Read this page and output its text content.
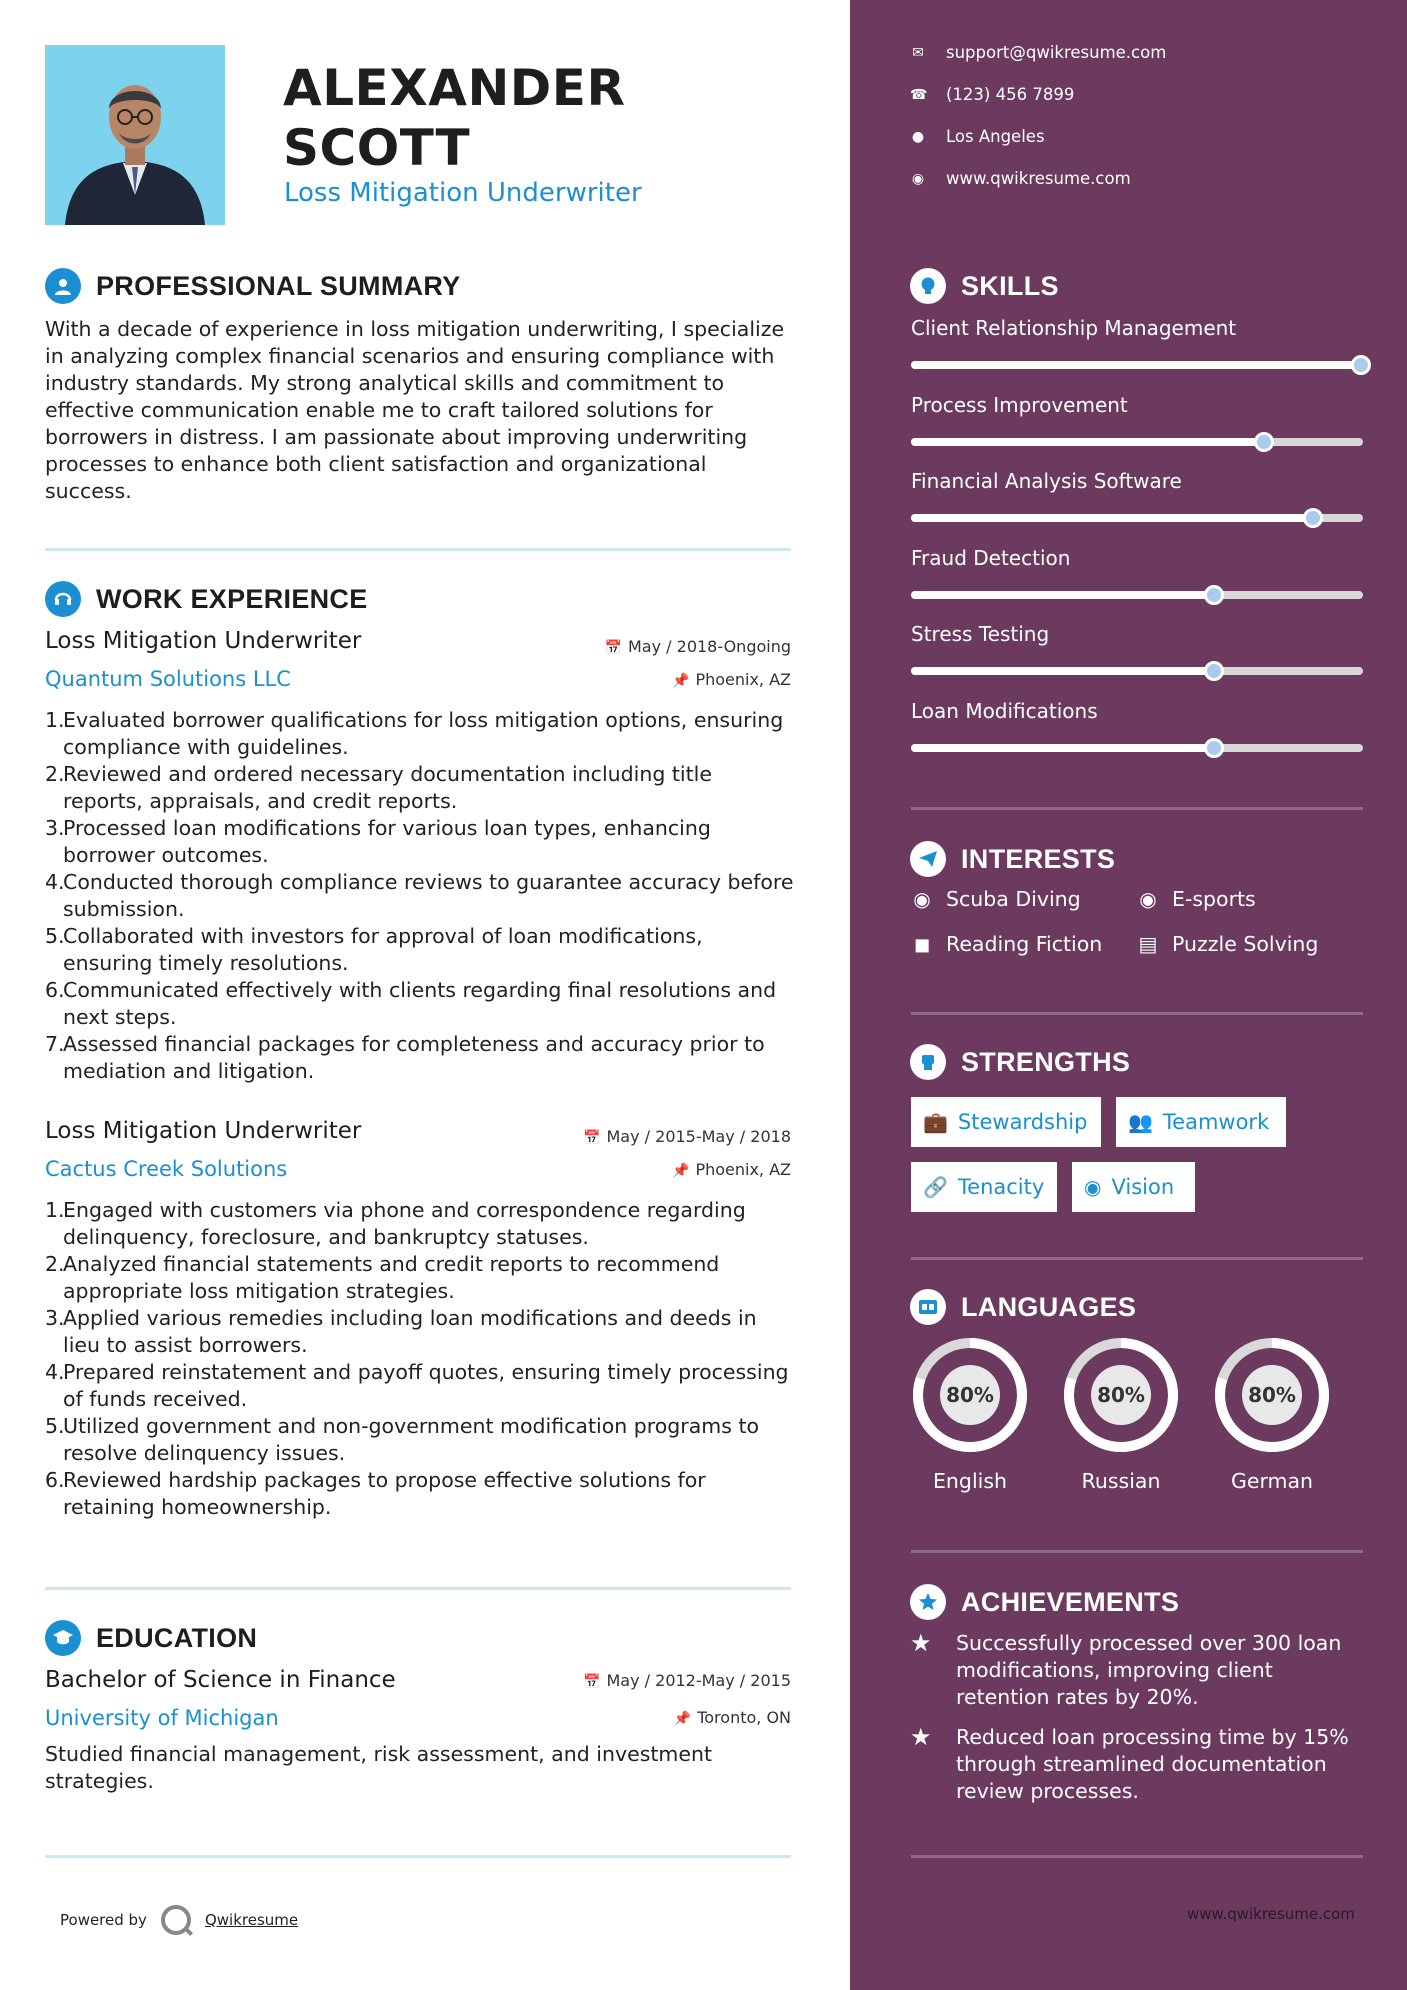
ALEXANDER
SCOTT
Loss Mitigation Underwriter
PROFESSIONAL SUMMARY
With a decade of experience in loss mitigation underwriting, I specialize in analyzing complex financial scenarios and ensuring compliance with industry standards. My strong analytical skills and commitment to effective communication enable me to craft tailored solutions for borrowers in distress. I am passionate about improving underwriting processes to enhance both client satisfaction and organizational success.
WORK EXPERIENCE
Loss Mitigation Underwriter	📅 May / 2018-Ongoing
Quantum Solutions LLC	📌 Phoenix, AZ
1.
Evaluated borrower qualifications for loss mitigation options, ensuring compliance with guidelines.
2.
Reviewed and ordered necessary documentation including title reports, appraisals, and credit reports.
3.
Processed loan modifications for various loan types, enhancing borrower outcomes.
4.
Conducted thorough compliance reviews to guarantee accuracy before submission.
5.
Collaborated with investors for approval of loan modifications, ensuring timely resolutions.
6.
Communicated effectively with clients regarding final resolutions and next steps.
7.
Assessed financial packages for completeness and accuracy prior to mediation and litigation.
Loss Mitigation Underwriter	📅 May / 2015-May / 2018
Cactus Creek Solutions	📌 Phoenix, AZ
1.
Engaged with customers via phone and correspondence regarding delinquency, foreclosure, and bankruptcy statuses.
2.
Analyzed financial statements and credit reports to recommend appropriate loss mitigation strategies.
3.
Applied various remedies including loan modifications and deeds in lieu to assist borrowers.
4.
Prepared reinstatement and payoff quotes, ensuring timely processing of funds received.
5.
Utilized government and non-government modification programs to resolve delinquency issues.
6.
Reviewed hardship packages to propose effective solutions for retaining homeownership.
EDUCATION
Bachelor of Science in Finance	📅 May / 2012-May / 2015
University of Michigan	📌 Toronto, ON
Studied financial management, risk assessment, and investment strategies.
Powered by	Qwikresume
✉ support@qwikresume.com
☎ (123) 456 7899
● Los Angeles
◉ www.qwikresume.com
SKILLS
Client Relationship Management
Process Improvement
Financial Analysis Software
Fraud Detection
Stress Testing
Loan Modifications
INTERESTS
◉ Scuba Diving	◉ E-sports
◼ Reading Fiction ▤ Puzzle Solving
STRENGTHS
💼 Stewardship 👥 Teamwork
🔗 Tenacity ◉ Vision
LANGUAGES
80%
English
80%
Russian
80%
German
ACHIEVEMENTS
★	Successfully processed over 300 loan modifications, improving client retention rates by 20%.
★	Reduced loan processing time by 15% through streamlined documentation review processes.
www.qwikresume.com
